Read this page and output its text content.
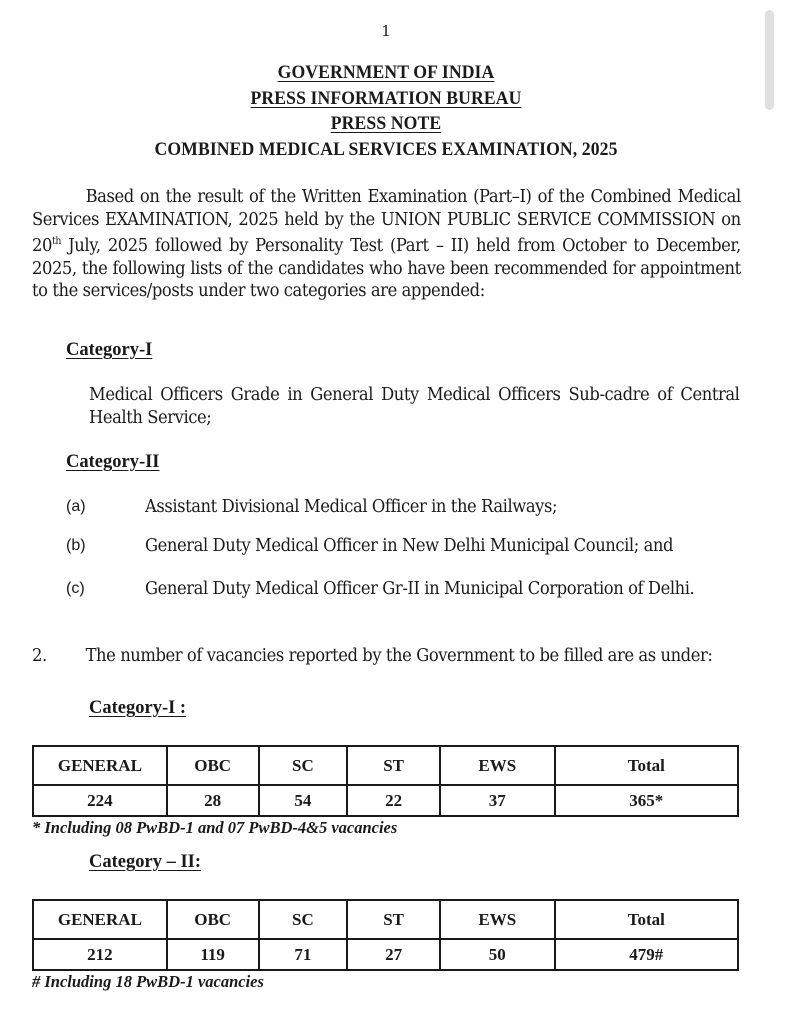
1
GOVERNMENT OF INDIA
PRESS INFORMATION BUREAU
PRESS NOTE
COMBINED MEDICAL SERVICES EXAMINATION, 2025
Based on the result of the Written Examination (Part–I) of the Combined Medical Services EXAMINATION, 2025 held by the UNION PUBLIC SERVICE COMMISSION on 20th July, 2025 followed by Personality Test (Part – II) held from October to December, 2025, the following lists of the candidates who have been recommended for appointment to the services/posts under two categories are appended:
Category-I
Medical Officers Grade in General Duty Medical Officers Sub-cadre of Central Health Service;
Category-II
(a)	Assistant Divisional Medical Officer in the Railways;
(b)	General Duty Medical Officer in New Delhi Municipal Council; and
(c)	General Duty Medical Officer Gr-II in Municipal Corporation of Delhi.
2. The number of vacancies reported by the Government to be filled are as under:
Category-I :
GENERAL	OBC	SC	ST	EWS	Total
224	28	54	22	37	365*
* Including 08 PwBD-1 and 07 PwBD-4&5 vacancies
Category – II:
GENERAL	OBC	SC	ST	EWS	Total
212	119	71	27	50	479#
# Including 18 PwBD-1 vacancies
